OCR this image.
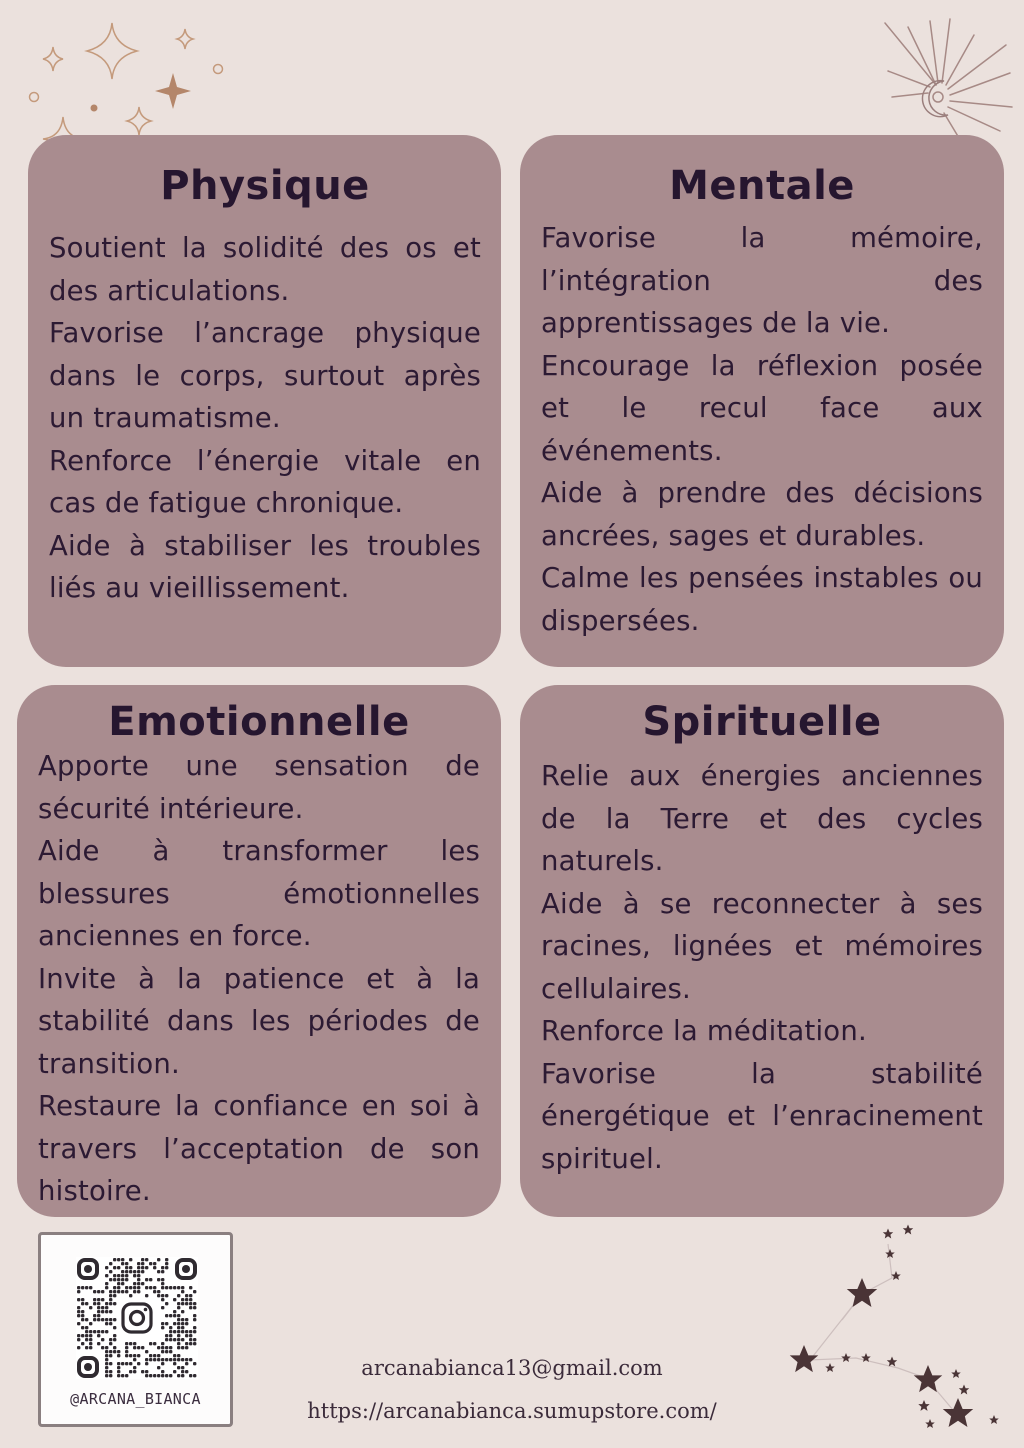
Physique

Soutient la solidité des os et des articulations.

Favorise l’ancrage physique dans le corps, surtout après un traumatisme.

Renforce l’énergie vitale en cas de fatigue chronique.

Aide à stabiliser les troubles liés au vieillissement.

Mentale

Favorise la mémoire, l’intégration des apprentissages de la vie.

Encourage la réflexion posée et le recul face aux événements.

Aide à prendre des décisions ancrées, sages et durables.

Calme les pensées instables ou dispersées.

Emotionnelle

Apporte une sensation de sécurité intérieure.

Aide à transformer les blessures émotionnelles anciennes en force.

Invite à la patience et à la stabilité dans les périodes de transition.

Restaure la confiance en soi à travers l’acceptation de son histoire.

Spirituelle

Relie aux énergies anciennes de la Terre et des cycles naturels.

Aide à se reconnecter à ses racines, lignées et mémoires cellulaires.

Renforce la méditation.

Favorise la stabilité énergétique et l’enracinement spirituel.

@ARCANA_BIANCA
arcanabianca13@gmail.com
https://arcanabianca.sumupstore.com/
